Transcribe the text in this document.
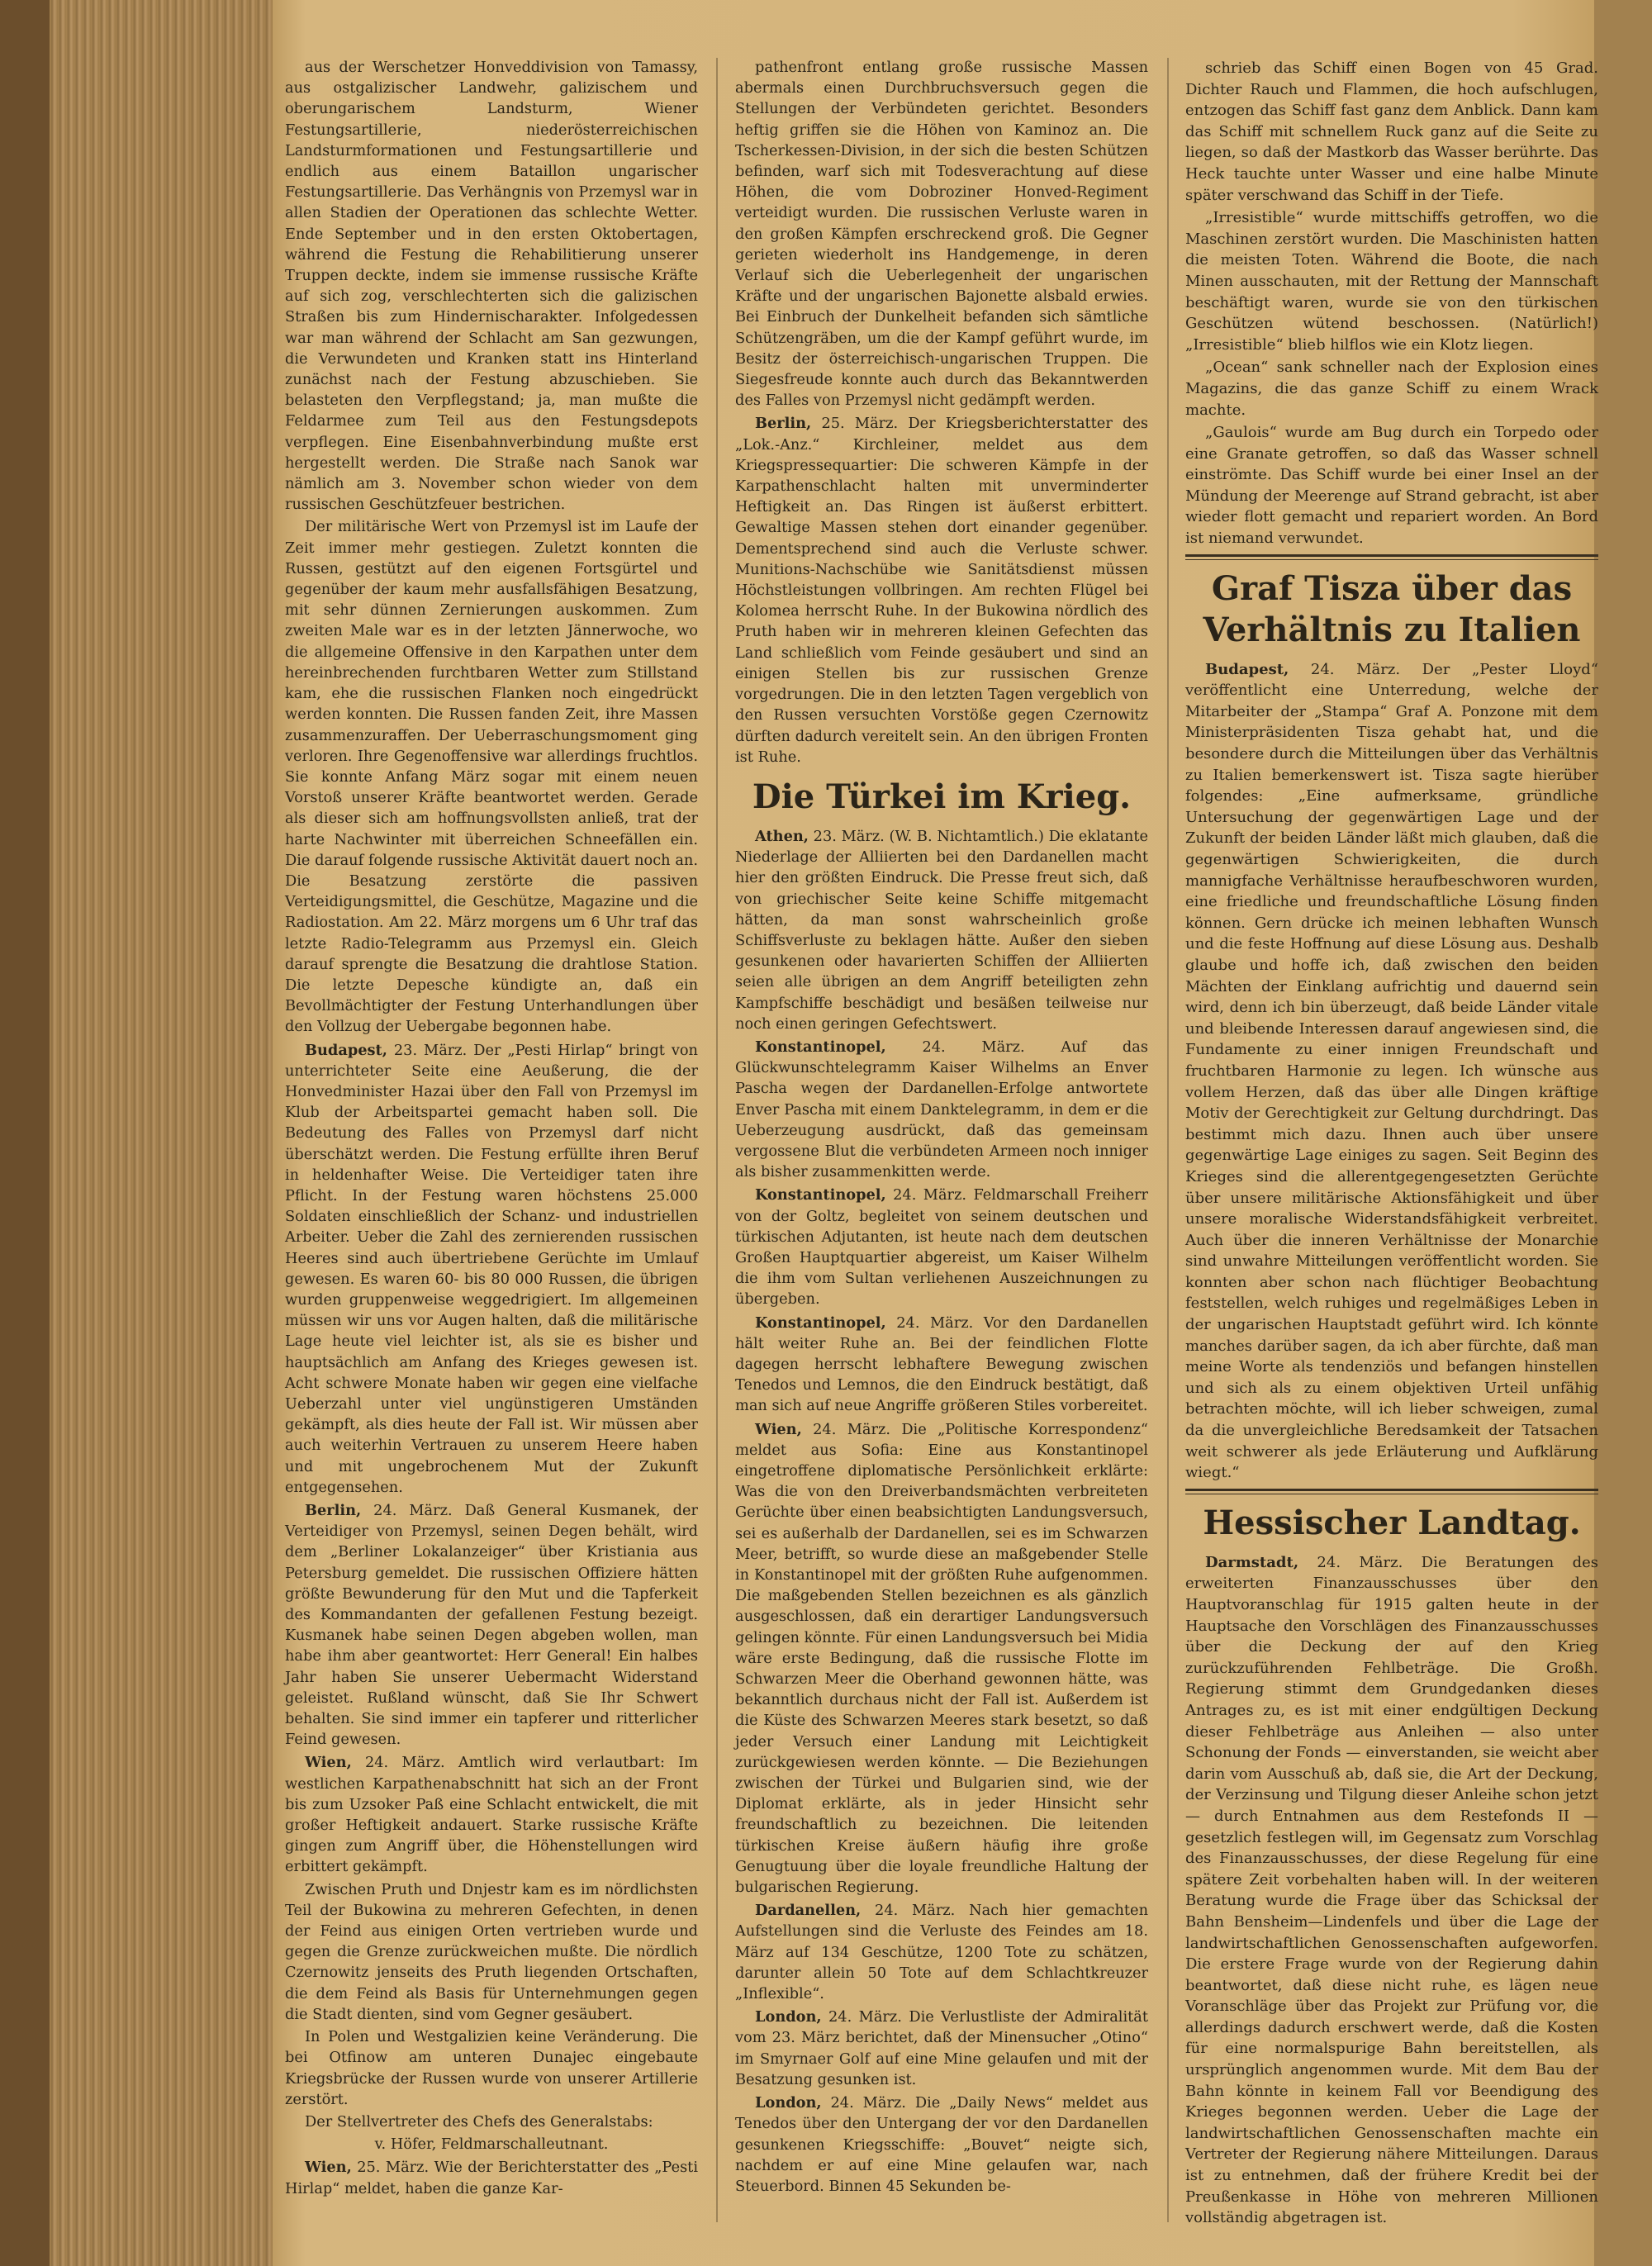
aus der Werschetzer Honveddivision von Tamassy, aus ostgalizischer Landwehr, galizischem und oberungarischem Landsturm, Wiener Festungsartillerie, niederösterreichischen Landsturmformationen und Festungsartillerie und endlich aus einem Bataillon ungarischer Festungsartillerie. Das Verhängnis von Przemysl war in allen Stadien der Operationen das schlechte Wetter. Ende September und in den ersten Oktobertagen, während die Festung die Rehabilitierung unserer Truppen deckte, indem sie immense russische Kräfte auf sich zog, verschlechterten sich die galizischen Straßen bis zum Hindernischarakter. Infolgedessen war man während der Schlacht am San gezwungen, die Verwundeten und Kranken statt ins Hinterland zunächst nach der Festung abzuschieben. Sie belasteten den Verpflegstand; ja, man mußte die Feldarmee zum Teil aus den Festungsdepots verpflegen. Eine Eisenbahnverbindung mußte erst hergestellt werden. Die Straße nach Sanok war nämlich am 3. November schon wieder von dem russischen Geschützfeuer bestrichen.

Der militärische Wert von Przemysl ist im Laufe der Zeit immer mehr gestiegen. Zuletzt konnten die Russen, gestützt auf den eigenen Fortsgürtel und gegenüber der kaum mehr ausfallsfähigen Besatzung, mit sehr dünnen Zernierungen auskommen. Zum zweiten Male war es in der letzten Jännerwoche, wo die allgemeine Offensive in den Karpathen unter dem hereinbrechenden furchtbaren Wetter zum Stillstand kam, ehe die russischen Flanken noch eingedrückt werden konnten. Die Russen fanden Zeit, ihre Massen zusammenzuraffen. Der Ueberraschungsmoment ging verloren. Ihre Gegenoffensive war allerdings fruchtlos. Sie konnte Anfang März sogar mit einem neuen Vorstoß unserer Kräfte beantwortet werden. Gerade als dieser sich am hoffnungsvollsten anließ, trat der harte Nachwinter mit überreichen Schneefällen ein. Die darauf folgende russische Aktivität dauert noch an. Die Besatzung zerstörte die passiven Verteidigungsmittel, die Geschütze, Magazine und die Radiostation. Am 22. März morgens um 6 Uhr traf das letzte Radio-Telegramm aus Przemysl ein. Gleich darauf sprengte die Besatzung die drahtlose Station. Die letzte Depesche kündigte an, daß ein Bevollmächtigter der Festung Unterhandlungen über den Vollzug der Uebergabe begonnen habe.

Budapest, 23. März. Der „Pesti Hirlap“ bringt von unterrichteter Seite eine Aeußerung, die der Honvedminister Hazai über den Fall von Przemysl im Klub der Arbeitspartei gemacht haben soll. Die Bedeutung des Falles von Przemysl darf nicht überschätzt werden. Die Festung erfüllte ihren Beruf in heldenhafter Weise. Die Verteidiger taten ihre Pflicht. In der Festung waren höchstens 25.000 Soldaten einschließlich der Schanz- und industriellen Arbeiter. Ueber die Zahl des zernierenden russischen Heeres sind auch übertriebene Gerüchte im Umlauf gewesen. Es waren 60- bis 80 000 Russen, die übrigen wurden gruppenweise weggedrigiert. Im allgemeinen müssen wir uns vor Augen halten, daß die militärische Lage heute viel leichter ist, als sie es bisher und hauptsächlich am Anfang des Krieges gewesen ist. Acht schwere Monate haben wir gegen eine vielfache Ueberzahl unter viel ungünstigeren Umständen gekämpft, als dies heute der Fall ist. Wir müssen aber auch weiterhin Vertrauen zu unserem Heere haben und mit ungebrochenem Mut der Zukunft entgegensehen.

Berlin, 24. März. Daß General Kusmanek, der Verteidiger von Przemysl, seinen Degen behält, wird dem „Berliner Lokalanzeiger“ über Kristiania aus Petersburg gemeldet. Die russischen Offiziere hätten größte Bewunderung für den Mut und die Tapferkeit des Kommandanten der gefallenen Festung bezeigt. Kusmanek habe seinen Degen abgeben wollen, man habe ihm aber geantwortet: Herr General! Ein halbes Jahr haben Sie unserer Uebermacht Widerstand geleistet. Rußland wünscht, daß Sie Ihr Schwert behalten. Sie sind immer ein tapferer und ritterlicher Feind gewesen.

Wien, 24. März. Amtlich wird verlautbart: Im westlichen Karpathenabschnitt hat sich an der Front bis zum Uzsoker Paß eine Schlacht entwickelt, die mit großer Heftigkeit andauert. Starke russische Kräfte gingen zum Angriff über, die Höhenstellungen wird erbittert gekämpft.

Zwischen Pruth und Dnjestr kam es im nördlichsten Teil der Bukowina zu mehreren Gefechten, in denen der Feind aus einigen Orten vertrieben wurde und gegen die Grenze zurückweichen mußte. Die nördlich Czernowitz jenseits des Pruth liegenden Ortschaften, die dem Feind als Basis für Unternehmungen gegen die Stadt dienten, sind vom Gegner gesäubert.

In Polen und Westgalizien keine Veränderung. Die bei Otfinow am unteren Dunajec eingebaute Kriegsbrücke der Russen wurde von unserer Artillerie zerstört.

Der Stellvertreter des Chefs des Generalstabs:

v. Höfer, Feldmarschalleutnant.

Wien, 25. März. Wie der Berichterstatter des „Pesti Hirlap“ meldet, haben die ganze Kar-

pathenfront entlang große russische Massen abermals einen Durchbruchsversuch gegen die Stellungen der Verbündeten gerichtet. Besonders heftig griffen sie die Höhen von Kaminoz an. Die Tscherkessen-Division, in der sich die besten Schützen befinden, warf sich mit Todesverachtung auf diese Höhen, die vom Dobroziner Honved-Regiment verteidigt wurden. Die russischen Verluste waren in den großen Kämpfen erschreckend groß. Die Gegner gerieten wiederholt ins Handgemenge, in deren Verlauf sich die Ueberlegenheit der ungarischen Kräfte und der ungarischen Bajonette alsbald erwies. Bei Einbruch der Dunkelheit befanden sich sämtliche Schützengräben, um die der Kampf geführt wurde, im Besitz der österreichisch-ungarischen Truppen. Die Siegesfreude konnte auch durch das Bekanntwerden des Falles von Przemysl nicht gedämpft werden.

Berlin, 25. März. Der Kriegsberichterstatter des „Lok.-Anz.“ Kirchleiner, meldet aus dem Kriegspressequartier: Die schweren Kämpfe in der Karpathenschlacht halten mit unverminderter Heftigkeit an. Das Ringen ist äußerst erbittert. Gewaltige Massen stehen dort einander gegenüber. Dementsprechend sind auch die Verluste schwer. Munitions-Nachschübe wie Sanitätsdienst müssen Höchstleistungen vollbringen. Am rechten Flügel bei Kolomea herrscht Ruhe. In der Bukowina nördlich des Pruth haben wir in mehreren kleinen Gefechten das Land schließlich vom Feinde gesäubert und sind an einigen Stellen bis zur russischen Grenze vorgedrungen. Die in den letzten Tagen vergeblich von den Russen versuchten Vorstöße gegen Czernowitz dürften dadurch vereitelt sein. An den übrigen Fronten ist Ruhe.

Die Türkei im Krieg.

Athen, 23. März. (W. B. Nichtamtlich.) Die eklatante Niederlage der Alliierten bei den Dardanellen macht hier den größten Eindruck. Die Presse freut sich, daß von griechischer Seite keine Schiffe mitgemacht hätten, da man sonst wahrscheinlich große Schiffsverluste zu beklagen hätte. Außer den sieben gesunkenen oder havarierten Schiffen der Alliierten seien alle übrigen an dem Angriff beteiligten zehn Kampfschiffe beschädigt und besäßen teilweise nur noch einen geringen Gefechtswert.

Konstantinopel, 24. März. Auf das Glückwunschtelegramm Kaiser Wilhelms an Enver Pascha wegen der Dardanellen-Erfolge antwortete Enver Pascha mit einem Danktelegramm, in dem er die Ueberzeugung ausdrückt, daß das gemeinsam vergossene Blut die verbündeten Armeen noch inniger als bisher zusammenkitten werde.

Konstantinopel, 24. März. Feldmarschall Freiherr von der Goltz, begleitet von seinem deutschen und türkischen Adjutanten, ist heute nach dem deutschen Großen Hauptquartier abgereist, um Kaiser Wilhelm die ihm vom Sultan verliehenen Auszeichnungen zu übergeben.

Konstantinopel, 24. März. Vor den Dardanellen hält weiter Ruhe an. Bei der feindlichen Flotte dagegen herrscht lebhaftere Bewegung zwischen Tenedos und Lemnos, die den Eindruck bestätigt, daß man sich auf neue Angriffe größeren Stiles vorbereitet.

Wien, 24. März. Die „Politische Korrespondenz“ meldet aus Sofia: Eine aus Konstantinopel eingetroffene diplomatische Persönlichkeit erklärte: Was die von den Dreiverbandsmächten verbreiteten Gerüchte über einen beabsichtigten Landungsversuch, sei es außerhalb der Dardanellen, sei es im Schwarzen Meer, betrifft, so wurde diese an maßgebender Stelle in Konstantinopel mit der größten Ruhe aufgenommen. Die maßgebenden Stellen bezeichnen es als gänzlich ausgeschlossen, daß ein derartiger Landungsversuch gelingen könnte. Für einen Landungsversuch bei Midia wäre erste Bedingung, daß die russische Flotte im Schwarzen Meer die Oberhand gewonnen hätte, was bekanntlich durchaus nicht der Fall ist. Außerdem ist die Küste des Schwarzen Meeres stark besetzt, so daß jeder Versuch einer Landung mit Leichtigkeit zurückgewiesen werden könnte. — Die Beziehungen zwischen der Türkei und Bulgarien sind, wie der Diplomat erklärte, als in jeder Hinsicht sehr freundschaftlich zu bezeichnen. Die leitenden türkischen Kreise äußern häufig ihre große Genugtuung über die loyale freundliche Haltung der bulgarischen Regierung.

Dardanellen, 24. März. Nach hier gemachten Aufstellungen sind die Verluste des Feindes am 18. März auf 134 Geschütze, 1200 Tote zu schätzen, darunter allein 50 Tote auf dem Schlachtkreuzer „Inflexible“.

London, 24. März. Die Verlustliste der Admiralität vom 23. März berichtet, daß der Minensucher „Otino“ im Smyrnaer Golf auf eine Mine gelaufen und mit der Besatzung gesunken ist.

London, 24. März. Die „Daily News“ meldet aus Tenedos über den Untergang der vor den Dardanellen gesunkenen Kriegsschiffe: „Bouvet“ neigte sich, nachdem er auf eine Mine gelaufen war, nach Steuerbord. Binnen 45 Sekunden be-

schrieb das Schiff einen Bogen von 45 Grad. Dichter Rauch und Flammen, die hoch aufschlugen, entzogen das Schiff fast ganz dem Anblick. Dann kam das Schiff mit schnellem Ruck ganz auf die Seite zu liegen, so daß der Mastkorb das Wasser berührte. Das Heck tauchte unter Wasser und eine halbe Minute später verschwand das Schiff in der Tiefe.

„Irresistible“ wurde mittschiffs getroffen, wo die Maschinen zerstört wurden. Die Maschinisten hatten die meisten Toten. Während die Boote, die nach Minen ausschauten, mit der Rettung der Mannschaft beschäftigt waren, wurde sie von den türkischen Geschützen wütend beschossen. (Natürlich!) „Irresistible“ blieb hilflos wie ein Klotz liegen.

„Ocean“ sank schneller nach der Explosion eines Magazins, die das ganze Schiff zu einem Wrack machte.

„Gaulois“ wurde am Bug durch ein Torpedo oder eine Granate getroffen, so daß das Wasser schnell einströmte. Das Schiff wurde bei einer Insel an der Mündung der Meerenge auf Strand gebracht, ist aber wieder flott gemacht und repariert worden. An Bord ist niemand verwundet.

Graf Tisza über das Verhältnis zu Italien

Budapest, 24. März. Der „Pester Lloyd“ veröffentlicht eine Unterredung, welche der Mitarbeiter der „Stampa“ Graf A. Ponzone mit dem Ministerpräsidenten Tisza gehabt hat, und die besondere durch die Mitteilungen über das Verhältnis zu Italien bemerkenswert ist. Tisza sagte hierüber folgendes: „Eine aufmerksame, gründliche Untersuchung der gegenwärtigen Lage und der Zukunft der beiden Länder läßt mich glauben, daß die gegenwärtigen Schwierigkeiten, die durch mannigfache Verhältnisse heraufbeschworen wurden, eine friedliche und freundschaftliche Lösung finden können. Gern drücke ich meinen lebhaften Wunsch und die feste Hoffnung auf diese Lösung aus. Deshalb glaube und hoffe ich, daß zwischen den beiden Mächten der Einklang aufrichtig und dauernd sein wird, denn ich bin überzeugt, daß beide Länder vitale und bleibende Interessen darauf angewiesen sind, die Fundamente zu einer innigen Freundschaft und fruchtbaren Harmonie zu legen. Ich wünsche aus vollem Herzen, daß das über alle Dingen kräftige Motiv der Gerechtigkeit zur Geltung durchdringt. Das bestimmt mich dazu. Ihnen auch über unsere gegenwärtige Lage einiges zu sagen. Seit Beginn des Krieges sind die allerentgegengesetzten Gerüchte über unsere militärische Aktionsfähigkeit und über unsere moralische Widerstandsfähigkeit verbreitet. Auch über die inneren Verhältnisse der Monarchie sind unwahre Mitteilungen veröffentlicht worden. Sie konnten aber schon nach flüchtiger Beobachtung feststellen, welch ruhiges und regelmäßiges Leben in der ungarischen Hauptstadt geführt wird. Ich könnte manches darüber sagen, da ich aber fürchte, daß man meine Worte als tendenziös und befangen hinstellen und sich als zu einem objektiven Urteil unfähig betrachten möchte, will ich lieber schweigen, zumal da die unvergleichliche Beredsamkeit der Tatsachen weit schwerer als jede Erläuterung und Aufklärung wiegt.“

Hessischer Landtag.

Darmstadt, 24. März. Die Beratungen des erweiterten Finanzausschusses über den Hauptvoranschlag für 1915 galten heute in der Hauptsache den Vorschlägen des Finanzausschusses über die Deckung der auf den Krieg zurückzuführenden Fehlbeträge. Die Großh. Regierung stimmt dem Grundgedanken dieses Antrages zu, es ist mit einer endgültigen Deckung dieser Fehlbeträge aus Anleihen — also unter Schonung der Fonds — einverstanden, sie weicht aber darin vom Ausschuß ab, daß sie, die Art der Deckung, der Verzinsung und Tilgung dieser Anleihe schon jetzt — durch Entnahmen aus dem Restefonds II — gesetzlich festlegen will, im Gegensatz zum Vorschlag des Finanzausschusses, der diese Regelung für eine spätere Zeit vorbehalten haben will. In der weiteren Beratung wurde die Frage über das Schicksal der Bahn Bensheim—Lindenfels und über die Lage der landwirtschaftlichen Genossenschaften aufgeworfen. Die erstere Frage wurde von der Regierung dahin beantwortet, daß diese nicht ruhe, es lägen neue Voranschläge über das Projekt zur Prüfung vor, die allerdings dadurch erschwert werde, daß die Kosten für eine normalspurige Bahn bereitstellen, als ursprünglich angenommen wurde. Mit dem Bau der Bahn könnte in keinem Fall vor Beendigung des Krieges begonnen werden. Ueber die Lage der landwirtschaftlichen Genossenschaften machte ein Vertreter der Regierung nähere Mitteilungen. Daraus ist zu entnehmen, daß der frühere Kredit bei der Preußenkasse in Höhe von mehreren Millionen vollständig abgetragen ist.
